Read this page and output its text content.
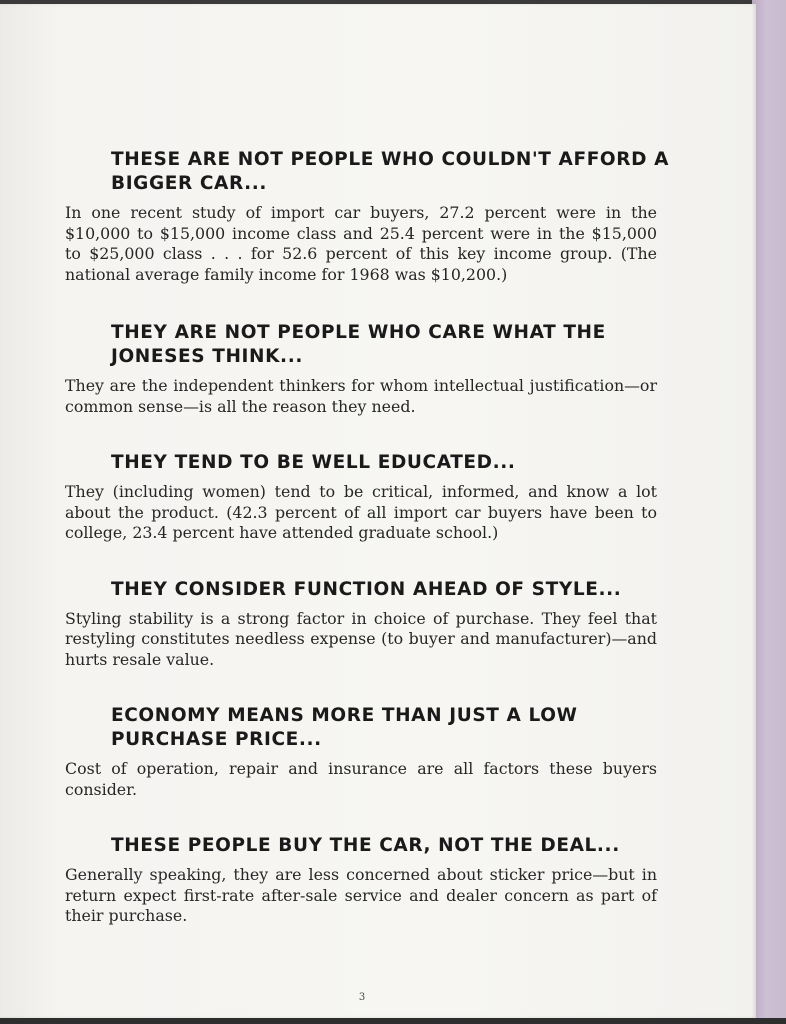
THESE ARE NOT PEOPLE WHO COULDN'T AFFORD A BIGGER CAR...

In one recent study of import car buyers, 27.2 percent were in the $10,000 to $15,000 income class and 25.4 percent were in the $15,000 to $25,000 class . . . for 52.6 percent of this key income group. (The national average family income for 1968 was $10,200.)

THEY ARE NOT PEOPLE WHO CARE WHAT THE JONESES THINK...

They are the independent thinkers for whom intellectual justification—or common sense—is all the reason they need.

THEY TEND TO BE WELL EDUCATED...

They (including women) tend to be critical, informed, and know a lot about the product. (42.3 percent of all import car buyers have been to college, 23.4 percent have attended graduate school.)

THEY CONSIDER FUNCTION AHEAD OF STYLE...

Styling stability is a strong factor in choice of purchase. They feel that restyling constitutes needless expense (to buyer and manufacturer)—and hurts resale value.

ECONOMY MEANS MORE THAN JUST A LOW PURCHASE PRICE...

Cost of operation, repair and insurance are all factors these buyers consider.

THESE PEOPLE BUY THE CAR, NOT THE DEAL...

Generally speaking, they are less concerned about sticker price—but in return expect first-rate after-sale service and dealer concern as part of their purchase.

3
